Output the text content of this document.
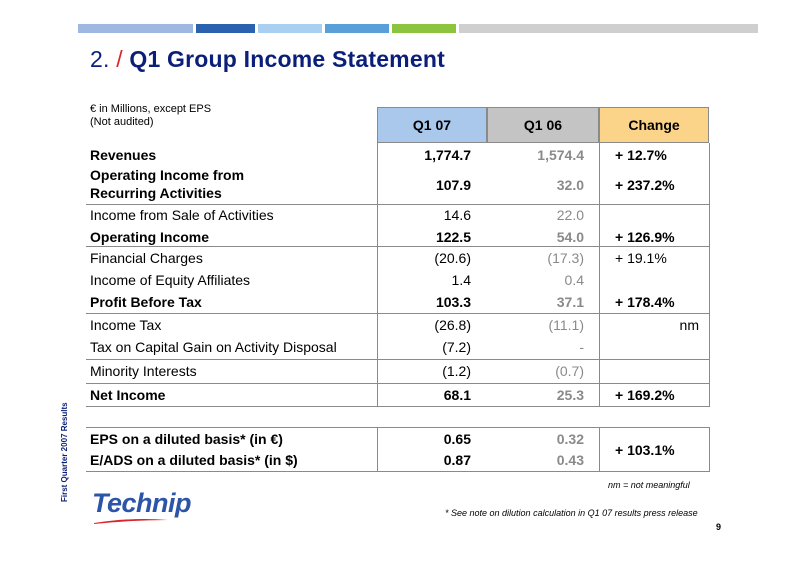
2. / Q1 Group Income Statement
€ in Millions, except EPS
(Not audited)	Q1 07	Q1 06	Change
Revenues	1,774.7	1,574.4 + 12.7%
Operating Income from
Recurring Activities	107.9	32.0 + 237.2%
Income from Sale of Activities	14.6	22.0
Operating Income	122.5	54.0 + 126.9%
Financial Charges	(20.6)	(17.3) + 19.1%
Income of Equity Affiliates	1.4	0.4
Profit Before Tax	103.3	37.1 + 178.4%
Income Tax	(26.8)	(11.1)	nm
Tax on Capital Gain on Activity Disposal	(7.2)	-
Minority Interests	(1.2)	(0.7)
Net Income	68.1	25.3 + 169.2%
EPS on a diluted basis* (in €)	0.65	0.32
E/ADS on a diluted basis* (in $)	0.87	0.43
+ 103.1%
First Quarter 2007 Results
Technip
nm = not meaningful
* See note on dilution calculation in Q1 07 results press release
9
